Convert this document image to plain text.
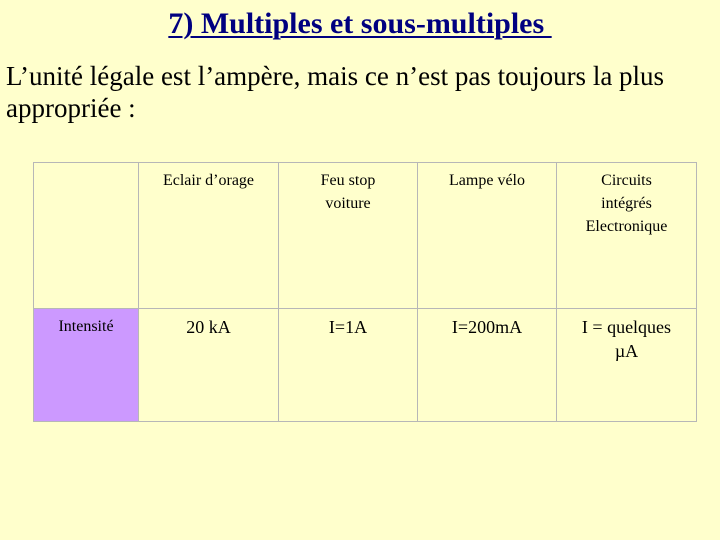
7) Multiples et sous-multiples
L’unité légale est l’ampère, mais ce n’est pas toujours la plus appropriée :
	Eclair d’orage	Feu stop voiture	Lampe vélo	Circuits intégrés Electronique
Intensité	20 kA	I=1A	I=200mA	I = quelques µA
